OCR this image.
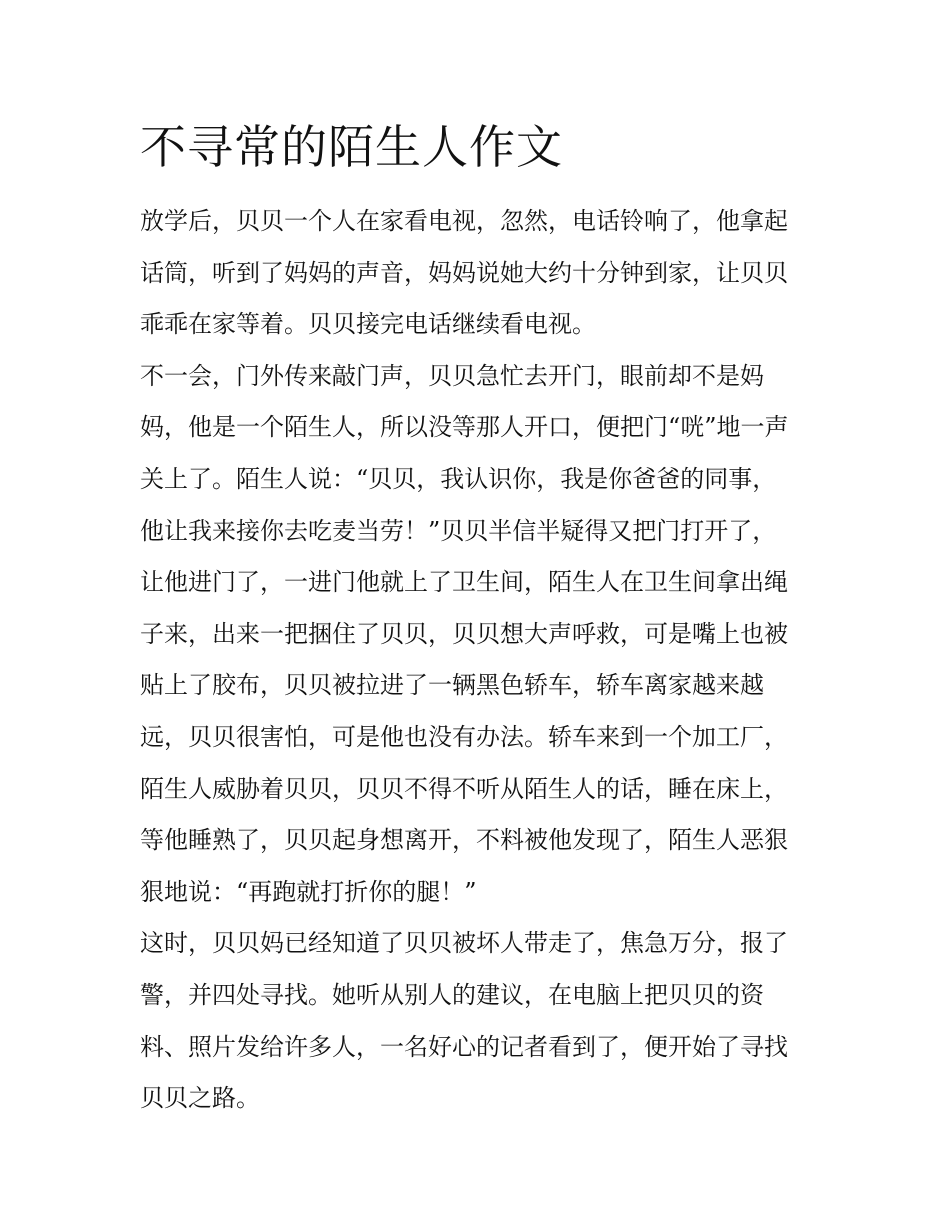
不寻常的陌生人作文

放学后，贝贝一个人在家看电视，忽然，电话铃响了，他拿起
话筒，听到了妈妈的声音，妈妈说她大约十分钟到家，让贝贝
乖乖在家等着。贝贝接完电话继续看电视。

不一会，门外传来敲门声，贝贝急忙去开门，眼前却不是妈
妈，他是一个陌生人，所以没等那人开口，便把门“咣”地一声
关上了。陌生人说：“贝贝，我认识你，我是你爸爸的同事，
他让我来接你去吃麦当劳！”贝贝半信半疑得又把门打开了，
让他进门了，一进门他就上了卫生间，陌生人在卫生间拿出绳
子来，出来一把捆住了贝贝，贝贝想大声呼救，可是嘴上也被
贴上了胶布，贝贝被拉进了一辆黑色轿车，轿车离家越来越
远，贝贝很害怕，可是他也没有办法。轿车来到一个加工厂，
陌生人威胁着贝贝，贝贝不得不听从陌生人的话，睡在床上，
等他睡熟了，贝贝起身想离开，不料被他发现了，陌生人恶狠
狠地说：“再跑就打折你的腿！”

这时，贝贝妈已经知道了贝贝被坏人带走了，焦急万分，报了
警，并四处寻找。她听从别人的建议，在电脑上把贝贝的资
料、照片发给许多人，一名好心的记者看到了，便开始了寻找
贝贝之路。
